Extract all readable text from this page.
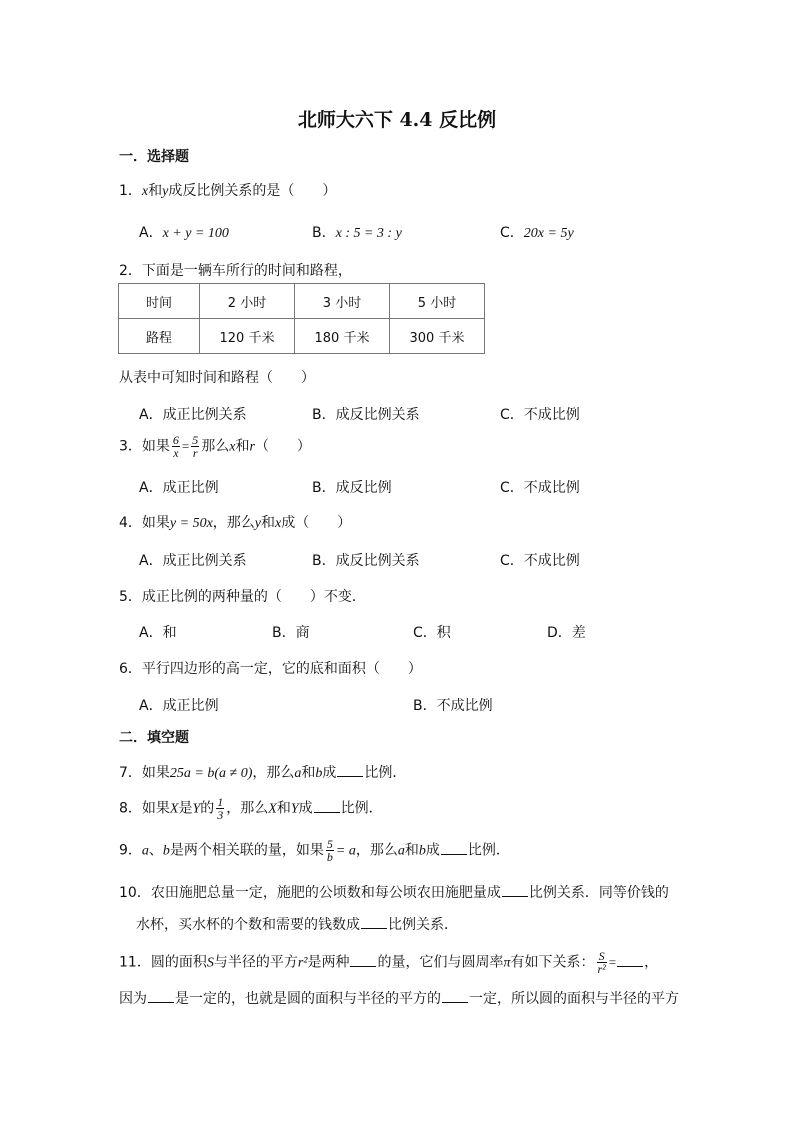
北师大六下 4.4 反比例
一．选择题
1．x和y成反比例关系的是（　　）
A．x + y = 100	B．x : 5 = 3 : y	C．20x = 5y
2．下面是一辆车所行的时间和路程，
时间	2 小时	3 小时	5 小时
路程	120 千米	180 千米	300 千米
从表中可知时间和路程（　　）
A．成正比例关系	B．成反比例关系	C．不成比例
3．如果 $\frac{6}{x} = \frac{5}{r}$ 那么x和r（　　）
A．成正比例	B．成反比例	C．不成比例
4．如果y = 50x，那么y和x成（　　）
A．成正比例关系	B．成反比例关系	C．不成比例
5．成正比例的两种量的（　　）不变．
A．和	B．商	C．积	D．差
6．平行四边形的高一定，它的底和面积（　　）
A．成正比例	B．不成比例
二．填空题
7．如果25a = b(a ≠ 0)，那么a和b成 比例．
8．如果X是Y的 $\frac{1}{3}$ ，那么X和Y成 比例．
9．a、b是两个相关联的量，如果 $\frac{5}{b} = a$，那么a和b成 比例．
10．农田施肥总量一定，施肥的公顷数和每公顷农田施肥量成 比例关系．同等价钱的
水杯，买水杯的个数和需要的钱数成 比例关系．
11．圆的面积S与半径的平方r²是两种 的量，它们与圆周率π有如下关系： $\frac{S}{\text{r²}}$ = ，
因为 是一定的，也就是圆的面积与半径的平方的 一定，所以圆的面积与半径的平方
